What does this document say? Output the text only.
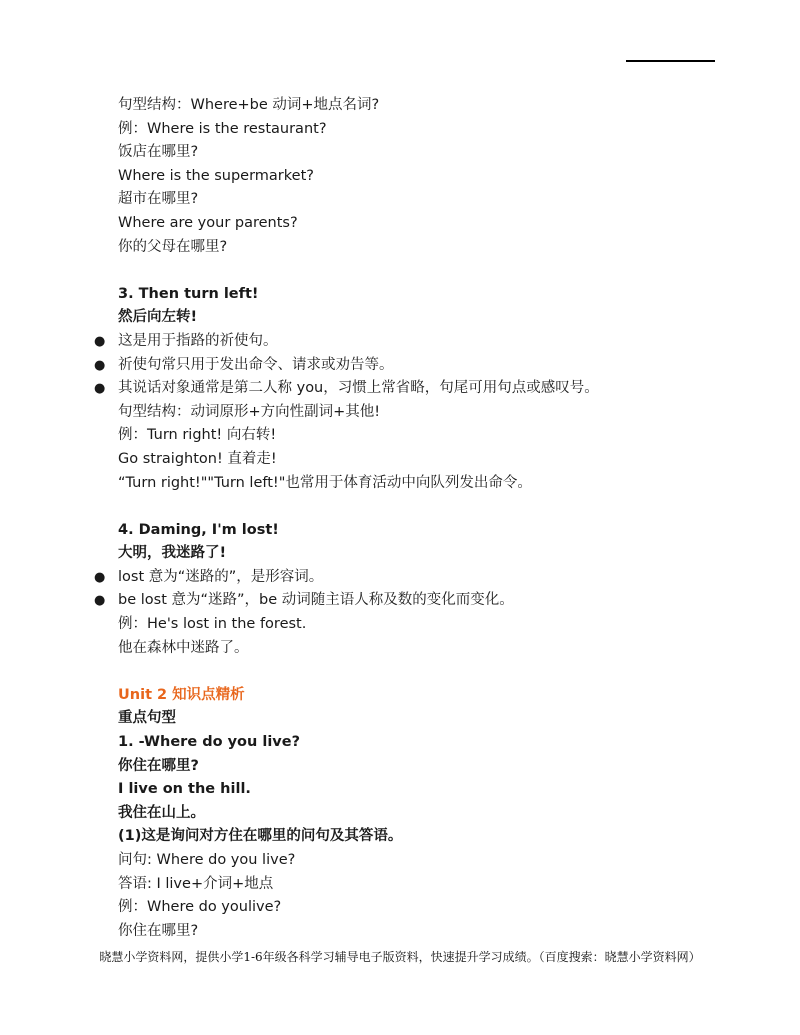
句型结构：Where+be 动词+地点名词?
例：Where is the restaurant?
饭店在哪里?
Where is the supermarket?
超市在哪里?
Where are your parents?
你的父母在哪里?
3. Then turn left!
然后向左转!
● 这是用于指路的祈使句。
● 祈使句常只用于发出命令、请求或劝告等。
● 其说话对象通常是第二人称 you，习惯上常省略，句尾可用句点或感叹号。
句型结构：动词原形+方向性副词+其他!
例：Turn right! 向右转!
Go straighton! 直着走!
“Turn right!""Turn left!"也常用于体育活动中向队列发出命令。
4. Daming, I'm lost!
大明，我迷路了!
● lost 意为“迷路的”，是形容词。
● be lost 意为“迷路”，be 动词随主语人称及数的变化而变化。
例：He's lost in the forest.
他在森林中迷路了。
Unit 2 知识点精析
重点句型
1. -Where do you live?
你住在哪里?
I live on the hill.
我住在山上。
(1)这是询问对方住在哪里的问句及其答语。
问句: Where do you live?
答语: I live+介词+地点
例：Where do youlive?
你住在哪里?
晓慧小学资料网，提供小学1-6年级各科学习辅导电子版资料，快速提升学习成绩。（百度搜索：晓慧小学资料网）
